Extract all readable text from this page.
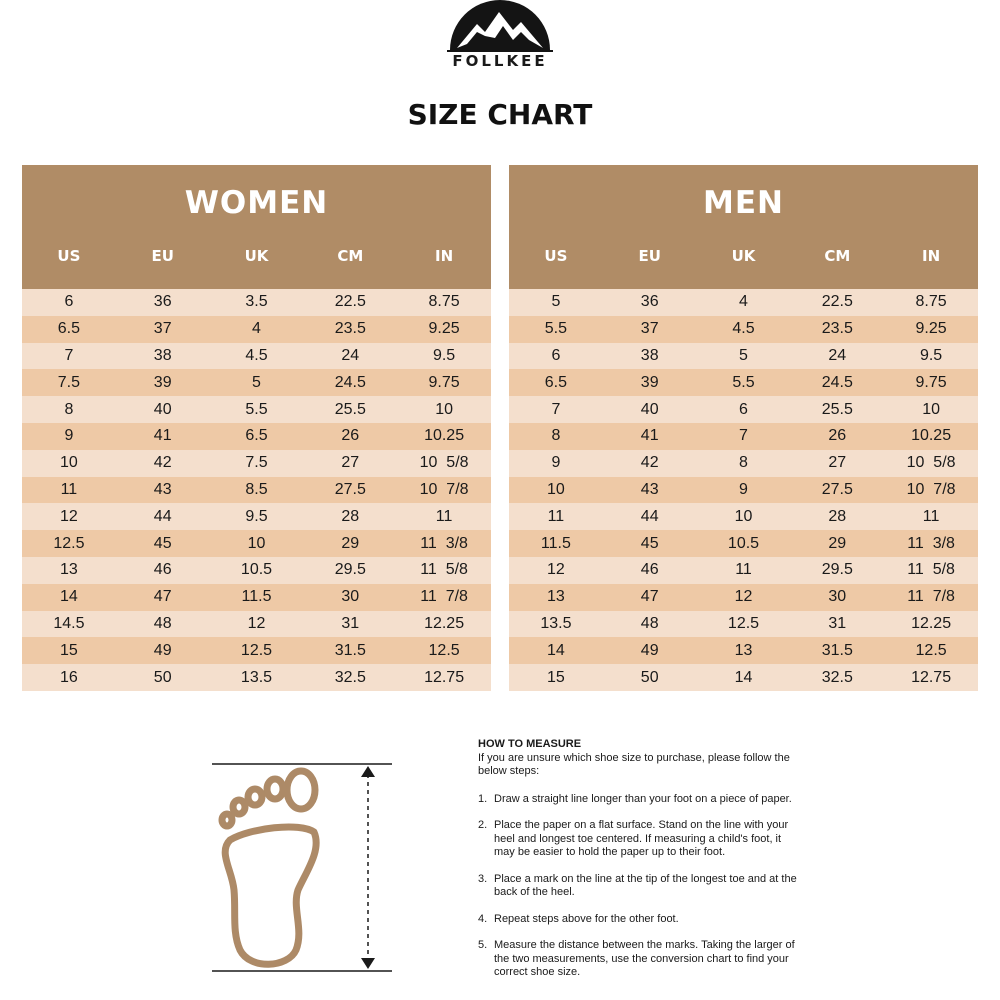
FOLLKEE
SIZE CHART
WOMEN
US	EU	UK	CM	IN
6	36	3.5	22.5	8.75
6.5	37	4	23.5	9.25
7	38	4.5	24	9.5
7.5	39	5	24.5	9.75
8	40	5.5	25.5	10
9	41	6.5	26	10.25
10	42	7.5	27	10  5/8
11	43	8.5	27.5	10  7/8
12	44	9.5	28	11
12.5	45	10	29	11  3/8
13	46	10.5	29.5	11  5/8
14	47	11.5	30	11  7/8
14.5	48	12	31	12.25
15	49	12.5	31.5	12.5
16	50	13.5	32.5	12.75
MEN
US	EU	UK	CM	IN
5	36	4	22.5	8.75
5.5	37	4.5	23.5	9.25
6	38	5	24	9.5
6.5	39	5.5	24.5	9.75
7	40	6	25.5	10
8	41	7	26	10.25
9	42	8	27	10  5/8
10	43	9	27.5	10  7/8
11	44	10	28	11
11.5	45	10.5	29	11  3/8
12	46	11	29.5	11  5/8
13	47	12	30	11  7/8
13.5	48	12.5	31	12.25
14	49	13	31.5	12.5
15	50	14	32.5	12.75
HOW TO MEASURE
If you are unsure which shoe size to purchase, please follow the below steps:
1. Draw a straight line longer than your foot on a piece of paper.
2. Place the paper on a flat surface. Stand on the line with your heel and longest toe centered. If measuring a child's foot, it may be easier to hold the paper up to their foot.
3. Place a mark on the line at the tip of the longest toe and at the back of the heel.
4. Repeat steps above for the other foot.
5. Measure the distance between the marks. Taking the larger of the two measurements, use the conversion chart to find your correct shoe size.
